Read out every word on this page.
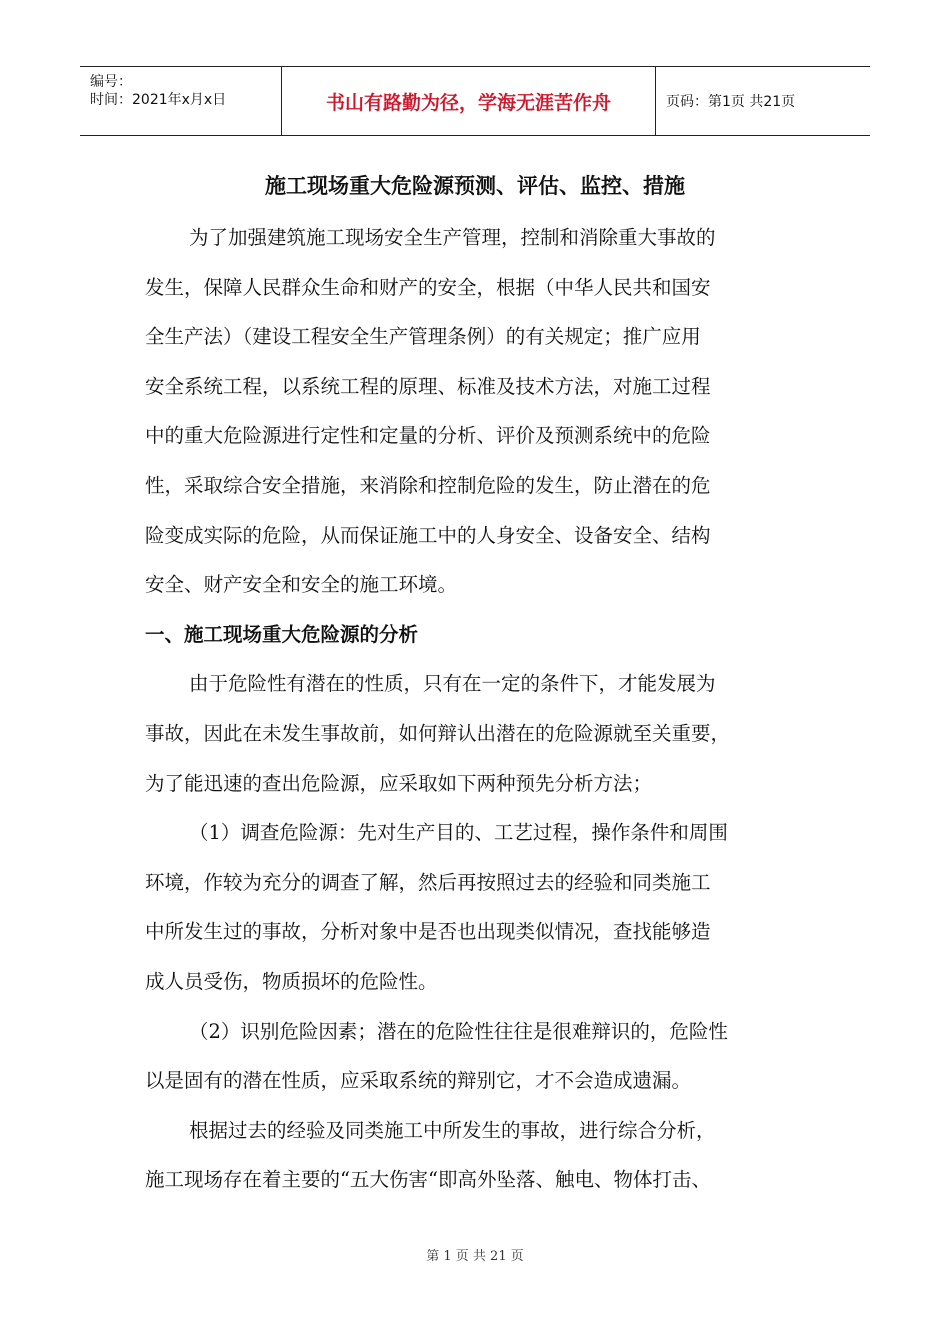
编号：
时间：2021年x月x日	书山有路勤为径，学海无涯苦作舟	页码：第1页 共21页
施工现场重大危险源预测、评估、监控、措施
为了加强建筑施工现场安全生产管理，控制和消除重大事故的
发生，保障人民群众生命和财产的安全，根据（中华人民共和国安
全生产法）（建设工程安全生产管理条例）的有关规定；推广应用
安全系统工程，以系统工程的原理、标准及技术方法，对施工过程
中的重大危险源进行定性和定量的分析、评价及预测系统中的危险
性，采取综合安全措施，来消除和控制危险的发生，防止潜在的危
险变成实际的危险，从而保证施工中的人身安全、设备安全、结构
安全、财产安全和安全的施工环境。
一、施工现场重大危险源的分析
由于危险性有潜在的性质，只有在一定的条件下，才能发展为
事故，因此在未发生事故前，如何辩认出潜在的危险源就至关重要，
为了能迅速的查出危险源，应采取如下两种预先分析方法；
（1）调查危险源：先对生产目的、工艺过程，操作条件和周围
环境，作较为充分的调查了解，然后再按照过去的经验和同类施工
中所发生过的事故，分析对象中是否也出现类似情况，查找能够造
成人员受伤，物质损坏的危险性。
（2）识别危险因素；潜在的危险性往往是很难辩识的，危险性
以是固有的潜在性质，应采取系统的辩别它，才不会造成遗漏。
根据过去的经验及同类施工中所发生的事故，进行综合分析，
施工现场存在着主要的“五大伤害“即高外坠落、触电、物体打击、
第 1 页 共 21 页
